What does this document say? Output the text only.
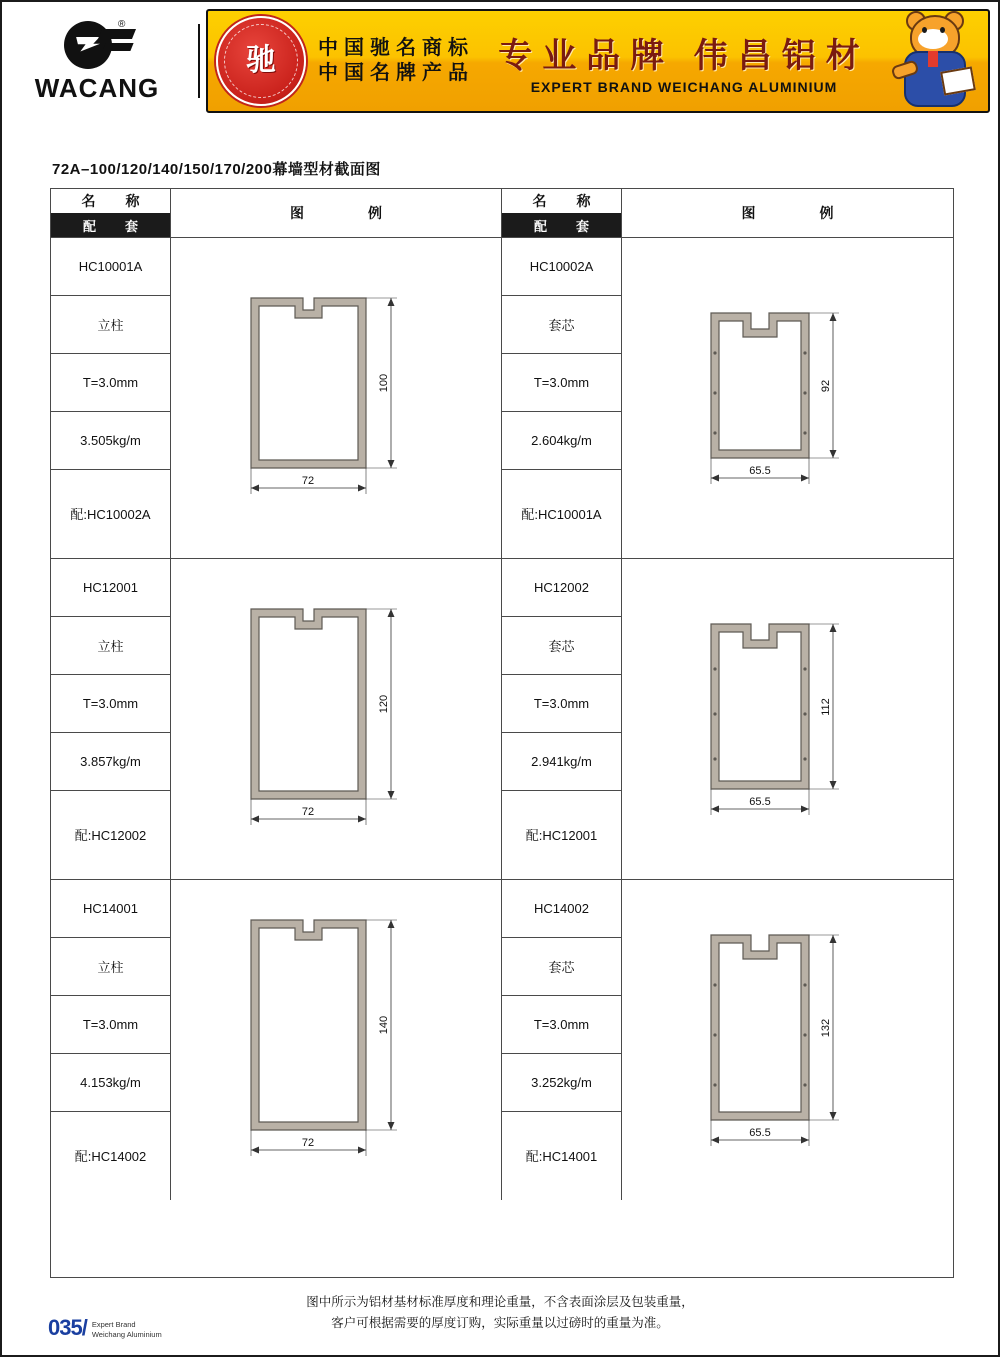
®
WACANG
驰 中国驰名商标
中国名牌产品 专业品牌 伟昌铝材
EXPERT BRAND WEICHANG ALUMINIUM
72A–100/120/140/150/170/200幕墙型材截面图
名　称
配　套
图　　例
名　称
配　套
图　　例
HC10001A
立柱
T=3.0mm
3.505kg/m
配:HC10002A
100
72
HC10002A
套芯
T=3.0mm
2.604kg/m
配:HC10001A
92
65.5
HC12001
立柱
T=3.0mm
3.857kg/m
配:HC12002
120
72
HC12002
套芯
T=3.0mm
2.941kg/m
配:HC12001
112
65.5
HC14001
立柱
T=3.0mm
4.153kg/m
配:HC14002
140
72
HC14002
套芯
T=3.0mm
3.252kg/m
配:HC14001
132
65.5
图中所示为铝材基材标准厚度和理论重量，不含表面涂层及包装重量，
客户可根据需要的厚度订购，实际重量以过磅时的重量为准。
035/ Expert Brand
Weichang Aluminium
